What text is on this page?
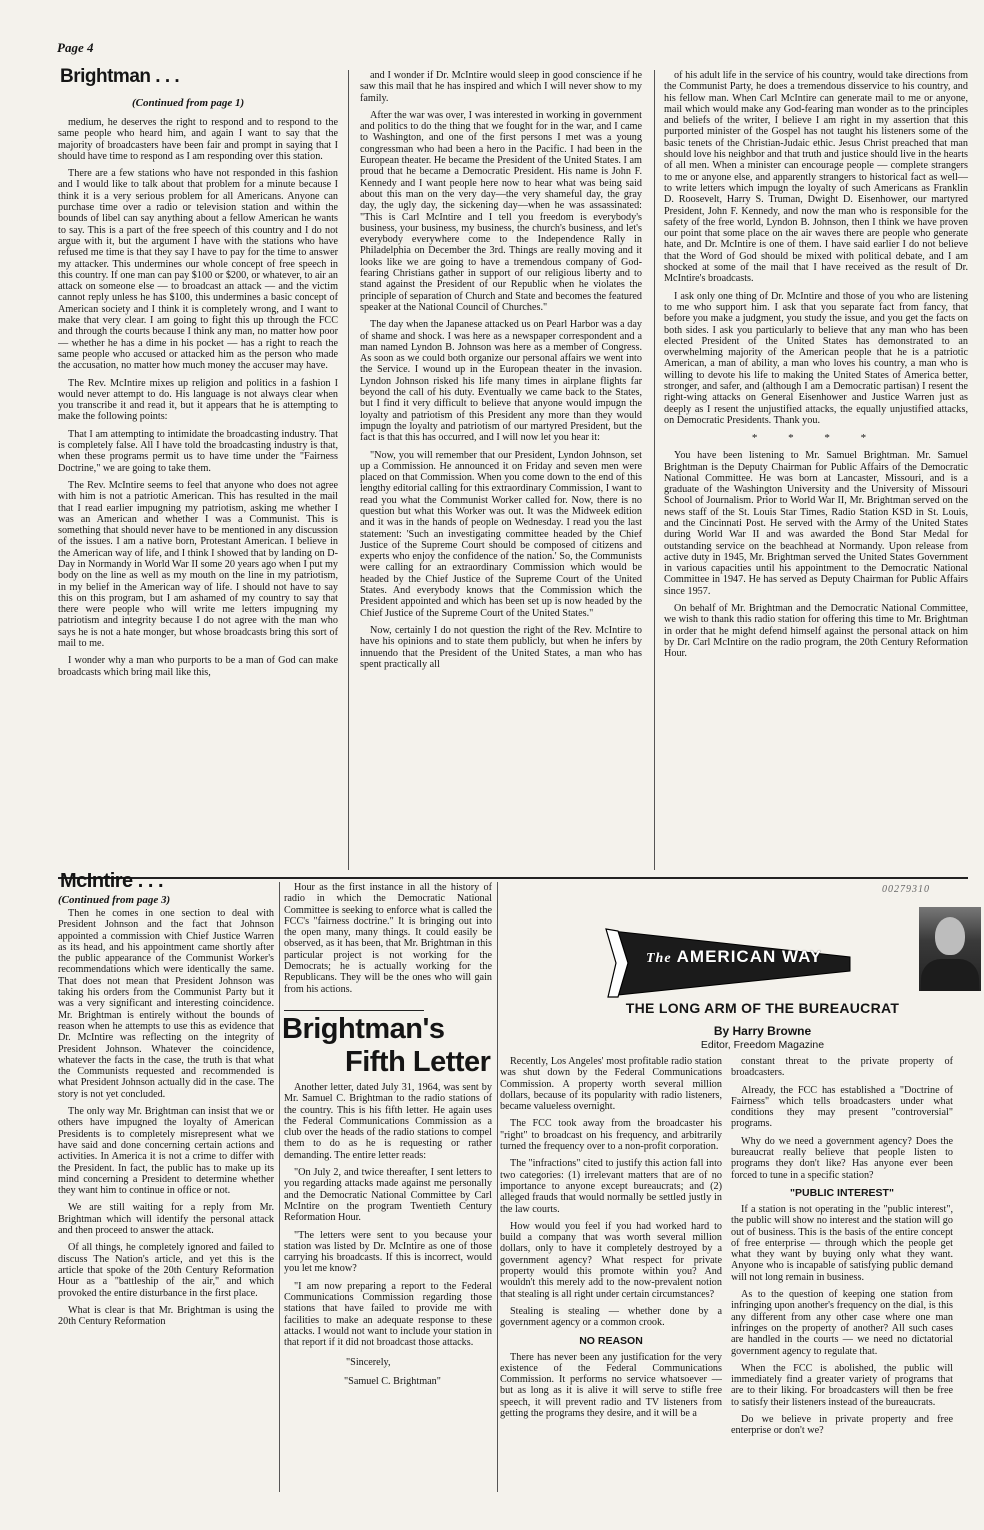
Page 4
Brightman . . .
(Continued from page 1)

medium, he deserves the right to respond and to respond to the same people who heard him, and again I want to say that the majority of broadcasters have been fair and prompt in saying that I should have time to respond as I am responding over this station.

There are a few stations who have not responded in this fashion and I would like to talk about that problem for a minute because I think it is a very serious problem for all Americans. Anyone can purchase time over a radio or television station and within the bounds of libel can say anything about a fellow American he wants to say. This is a part of the free speech of this country and I do not argue with it, but the argument I have with the stations who have refused me time is that they say I have to pay for the time to answer my attacker. This undermines our whole concept of free speech in this country. If one man can pay $100 or $200, or whatever, to air an attack on someone else — to broadcast an attack — and the victim cannot reply unless he has $100, this undermines a basic concept of American society and I think it is completely wrong, and I want to make that very clear. I am going to fight this up through the FCC and through the courts because I think any man, no matter how poor — whether he has a dime in his pocket — has a right to reach the same people who accused or attacked him as the person who made the accusation, no matter how much money the accuser may have.

The Rev. McIntire mixes up religion and politics in a fashion I would never attempt to do. His language is not always clear when you transcribe it and read it, but it appears that he is attempting to make the following points:

That I am attempting to intimidate the broadcasting industry. That is completely false. All I have told the broadcasting industry is that, when these programs permit us to have time under the "Fairness Doctrine," we are going to take them.

The Rev. McIntire seems to feel that anyone who does not agree with him is not a patriotic American. This has resulted in the mail that I read earlier impugning my patriotism, asking me whether I was an American and whether I was a Communist. This is something that should never have to be mentioned in any discussion of the issues. I am a native born, Protestant American. I believe in the American way of life, and I think I showed that by landing on D-Day in Normandy in World War II some 20 years ago when I put my body on the line as well as my mouth on the line in my patriotism, in my belief in the American way of life. I should not have to say this on this program, but I am ashamed of my country to say that there were people who will write me letters impugning my patriotism and integrity because I do not agree with the man who says he is not a hate monger, but whose broadcasts bring this sort of mail to me.

I wonder why a man who purports to be a man of God can make broadcasts which bring mail like this,

and I wonder if Dr. McIntire would sleep in good conscience if he saw this mail that he has inspired and which I will never show to my family.

After the war was over, I was interested in working in government and politics to do the thing that we fought for in the war, and I came to Washington, and one of the first persons I met was a young congressman who had been a hero in the Pacific. I had been in the European theater. He became the President of the United States. I am proud that he became a Democratic President. His name is John F. Kennedy and I want people here now to hear what was being said about this man on the very day—the very shameful day, the gray day, the ugly day, the sickening day—when he was assassinated: "This is Carl McIntire and I tell you freedom is everybody's business, your business, my business, the church's business, and let's everybody everywhere come to the Independence Rally in Philadelphia on December the 3rd. Things are really moving and it looks like we are going to have a tremendous company of God-fearing Christians gather in support of our religious liberty and to stand against the President of our Republic when he violates the principle of separation of Church and State and becomes the featured speaker at the National Council of Churches."

The day when the Japanese attacked us on Pearl Harbor was a day of shame and shock. I was here as a newspaper correspondent and a man named Lyndon B. Johnson was here as a member of Congress. As soon as we could both organize our personal affairs we went into the Service. I wound up in the European theater in the invasion. Lyndon Johnson risked his life many times in airplane flights far beyond the call of his duty. Eventually we came back to the States, but I find it very difficult to believe that anyone would impugn the loyalty and patriotism of this President any more than they would impugn the loyalty and patriotism of our martyred President, but the fact is that this has occurred, and I will now let you hear it:

"Now, you will remember that our President, Lyndon Johnson, set up a Commission. He announced it on Friday and seven men were placed on that Commission. When you come down to the end of this lengthy editorial calling for this extraordinary Commission, I want to read you what the Communist Worker called for. Now, there is no question but what this Worker was out. It was the Midweek edition and it was in the hands of people on Wednesday. I read you the last statement: 'Such an investigating committee headed by the Chief Justice of the Supreme Court should be composed of citizens and experts who enjoy the confidence of the nation.' So, the Communists were calling for an extraordinary Commission which would be headed by the Chief Justice of the Supreme Court of the United States. And everybody knows that the Commission which the President appointed and which has been set up is now headed by the Chief Justice of the Supreme Court of the United States."

Now, certainly I do not question the right of the Rev. McIntire to have his opinions and to state them publicly, but when he infers by innuendo that the President of the United States, a man who has spent practically all

of his adult life in the service of his country, would take directions from the Communist Party, he does a tremendous disservice to his country, and his fellow man. When Carl McIntire can generate mail to me or anyone, mail which would make any God-fearing man wonder as to the principles and beliefs of the writer, I believe I am right in my assertion that this purported minister of the Gospel has not taught his listeners some of the basic tenets of the Christian-Judaic ethic. Jesus Christ preached that man should love his neighbor and that truth and justice should live in the hearts of all men. When a minister can encourage people — complete strangers to me or anyone else, and apparently strangers to historical fact as well—to write letters which impugn the loyalty of such Americans as Franklin D. Roosevelt, Harry S. Truman, Dwight D. Eisenhower, our martyred President, John F. Kennedy, and now the man who is responsible for the safety of the free world, Lyndon B. Johnson, then I think we have proven our point that some place on the air waves there are people who generate hate, and Dr. McIntire is one of them. I have said earlier I do not believe that the Word of God should be mixed with political debate, and I am shocked at some of the mail that I have received as the result of Dr. McIntire's broadcasts.

I ask only one thing of Dr. McIntire and those of you who are listening to me who support him. I ask that you separate fact from fancy, that before you make a judgment, you study the issue, and you get the facts on both sides. I ask you particularly to believe that any man who has been elected President of the United States has demonstrated to an overwhelming majority of the American people that he is a patriotic American, a man of ability, a man who loves his country, a man who is willing to devote his life to making the United States of America better, stronger, and safer, and (although I am a Democratic partisan) I resent the right-wing attacks on General Eisenhower and Justice Warren just as deeply as I resent the unjustified attacks, the equally unjustified attacks, on Democratic Presidents. Thank you.

* * * *

You have been listening to Mr. Samuel Brightman. Mr. Samuel Brightman is the Deputy Chairman for Public Affairs of the Democratic National Committee. He was born at Lancaster, Missouri, and is a graduate of the Washington University and the University of Missouri School of Journalism. Prior to World War II, Mr. Brightman served on the news staff of the St. Louis Star Times, Radio Station KSD in St. Louis, and the Cincinnati Post. He served with the Army of the United States during World War II and was awarded the Bond Star Medal for outstanding service on the beachhead at Normandy. Upon release from active duty in 1945, Mr. Brightman served the United States Government in various capacities until his appointment to the Democratic National Committee in 1947. He has served as Deputy Chairman for Public Affairs since 1957.

On behalf of Mr. Brightman and the Democratic National Committee, we wish to thank this radio station for offering this time to Mr. Brightman in order that he might defend himself against the personal attack on him by Dr. Carl McIntire on the radio program, the 20th Century Reformation Hour.

McIntire . . .
(Continued from page 3)

Then he comes in one section to deal with President Johnson and the fact that Johnson appointed a commission with Chief Justice Warren as its head, and his appointment came shortly after the public appearance of the Communist Worker's recommendations which were identically the same. That does not mean that President Johnson was taking his orders from the Communist Party but it was a very significant and interesting coincidence. Mr. Brightman is entirely without the bounds of reason when he attempts to use this as evidence that Dr. McIntire was reflecting on the integrity of President Johnson. Whatever the coincidence, whatever the facts in the case, the truth is that what the Communists requested and recommended is what President Johnson actually did in the case. The story is not yet concluded.

The only way Mr. Brightman can insist that we or others have impugned the loyalty of American Presidents is to completely misrepresent what we have said and done concerning certain actions and activities. In America it is not a crime to differ with the President. In fact, the public has to make up its mind concerning a President to determine whether they want him to continue in office or not.

We are still waiting for a reply from Mr. Brightman which will identify the personal attack and then proceed to answer the attack.

Of all things, he completely ignored and failed to discuss The Nation's article, and yet this is the article that spoke of the 20th Century Reformation Hour as a "battleship of the air," and which provoked the entire disturbance in the first place.

What is clear is that Mr. Brightman is using the 20th Century Reformation

Hour as the first instance in all the history of radio in which the Democratic National Committee is seeking to enforce what is called the FCC's "fairness doctrine." It is bringing out into the open many, many things. It could easily be observed, as it has been, that Mr. Brightman in this particular project is not working for the Democrats; he is actually working for the Republicans. They will be the ones who will gain from his actions.

Brightman's
Fifth Letter

Another letter, dated July 31, 1964, was sent by Mr. Samuel C. Brightman to the radio stations of the country. This is his fifth letter. He again uses the Federal Communications Commission as a club over the heads of the radio stations to compel them to do as he is requesting or rather demanding. The entire letter reads:

"On July 2, and twice thereafter, I sent letters to you regarding attacks made against me personally and the Democratic National Committee by Carl McIntire on the program Twentieth Century Reformation Hour.

"The letters were sent to you because your station was listed by Dr. McIntire as one of those carrying his broadcasts. If this is incorrect, would you let me know?

"I am now preparing a report to the Federal Communications Commission regarding those stations that have failed to provide me with facilities to make an adequate response to these attacks. I would not want to include your station in that report if it did not broadcast those attacks.

"Sincerely,

"Samuel C. Brightman"

00279310
The AMERICAN WAY
THE LONG ARM OF THE BUREAUCRAT
By Harry Browne
Editor, Freedom Magazine

Recently, Los Angeles' most profitable radio station was shut down by the Federal Communications Commission. A property worth several million dollars, because of its popularity with radio listeners, became valueless overnight.

The FCC took away from the broadcaster his "right" to broadcast on his frequency, and arbitrarily turned the frequency over to a non-profit corporation.

The "infractions" cited to justify this action fall into two categories: (1) irrelevant matters that are of no importance to anyone except bureaucrats; and (2) alleged frauds that would normally be settled justly in the law courts.

How would you feel if you had worked hard to build a company that was worth several million dollars, only to have it completely destroyed by a government agency? What respect for private property would this promote within you? And wouldn't this merely add to the now-prevalent notion that stealing is all right under certain circumstances?

Stealing is stealing — whether done by a government agency or a common crook.

NO REASON

There has never been any justification for the very existence of the Federal Communications Commission. It performs no service whatsoever — but as long as it is alive it will serve to stifle free speech, it will prevent radio and TV listeners from getting the programs they desire, and it will be a

constant threat to the private property of broadcasters.

Already, the FCC has established a "Doctrine of Fairness" which tells broadcasters under what conditions they may present "controversial" programs.

Why do we need a government agency? Does the bureaucrat really believe that people listen to programs they don't like? Has anyone ever been forced to tune in a specific station?

"PUBLIC INTEREST"

If a station is not operating in the "public interest", the public will show no interest and the station will go out of business. This is the basis of the entire concept of free enterprise — through which the people get what they want by buying only what they want. Anyone who is incapable of satisfying public demand will not long remain in business.

As to the question of keeping one station from infringing upon another's frequency on the dial, is this any different from any other case where one man infringes on the property of another? All such cases are handled in the courts — we need no dictatorial government agency to regulate that.

When the FCC is abolished, the public will immediately find a greater variety of programs that are to their liking. For broadcasters will then be free to satisfy their listeners instead of the bureaucrats.

Do we believe in private property and free enterprise or don't we?
